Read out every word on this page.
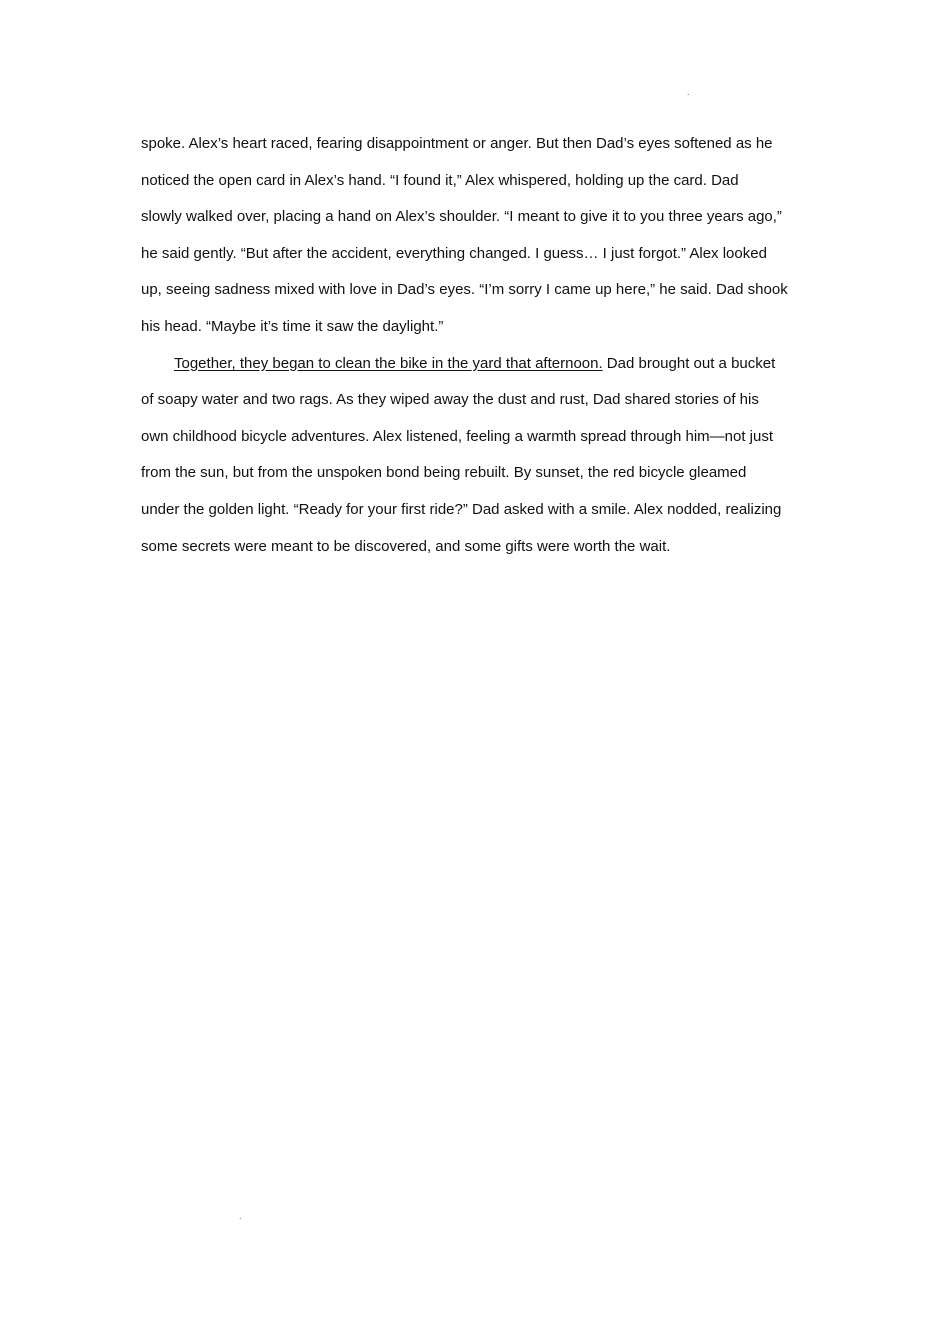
.
spoke. Alex’s heart raced, fearing disappointment or anger. But then Dad’s eyes softened as he
noticed the open card in Alex’s hand. “I found it,” Alex whispered, holding up the card. Dad
slowly walked over, placing a hand on Alex’s shoulder. “I meant to give it to you three years ago,”
he said gently. “But after the accident, everything changed. I guess… I just forgot.” Alex looked
up, seeing sadness mixed with love in Dad’s eyes. “I’m sorry I came up here,” he said. Dad shook
his head. “Maybe it’s time it saw the daylight.”
Together, they began to clean the bike in the yard that afternoon. Dad brought out a bucket
of soapy water and two rags. As they wiped away the dust and rust, Dad shared stories of his
own childhood bicycle adventures. Alex listened, feeling a warmth spread through him—not just
from the sun, but from the unspoken bond being rebuilt. By sunset, the red bicycle gleamed
under the golden light. “Ready for your first ride?” Dad asked with a smile. Alex nodded, realizing
some secrets were meant to be discovered, and some gifts were worth the wait.
.
